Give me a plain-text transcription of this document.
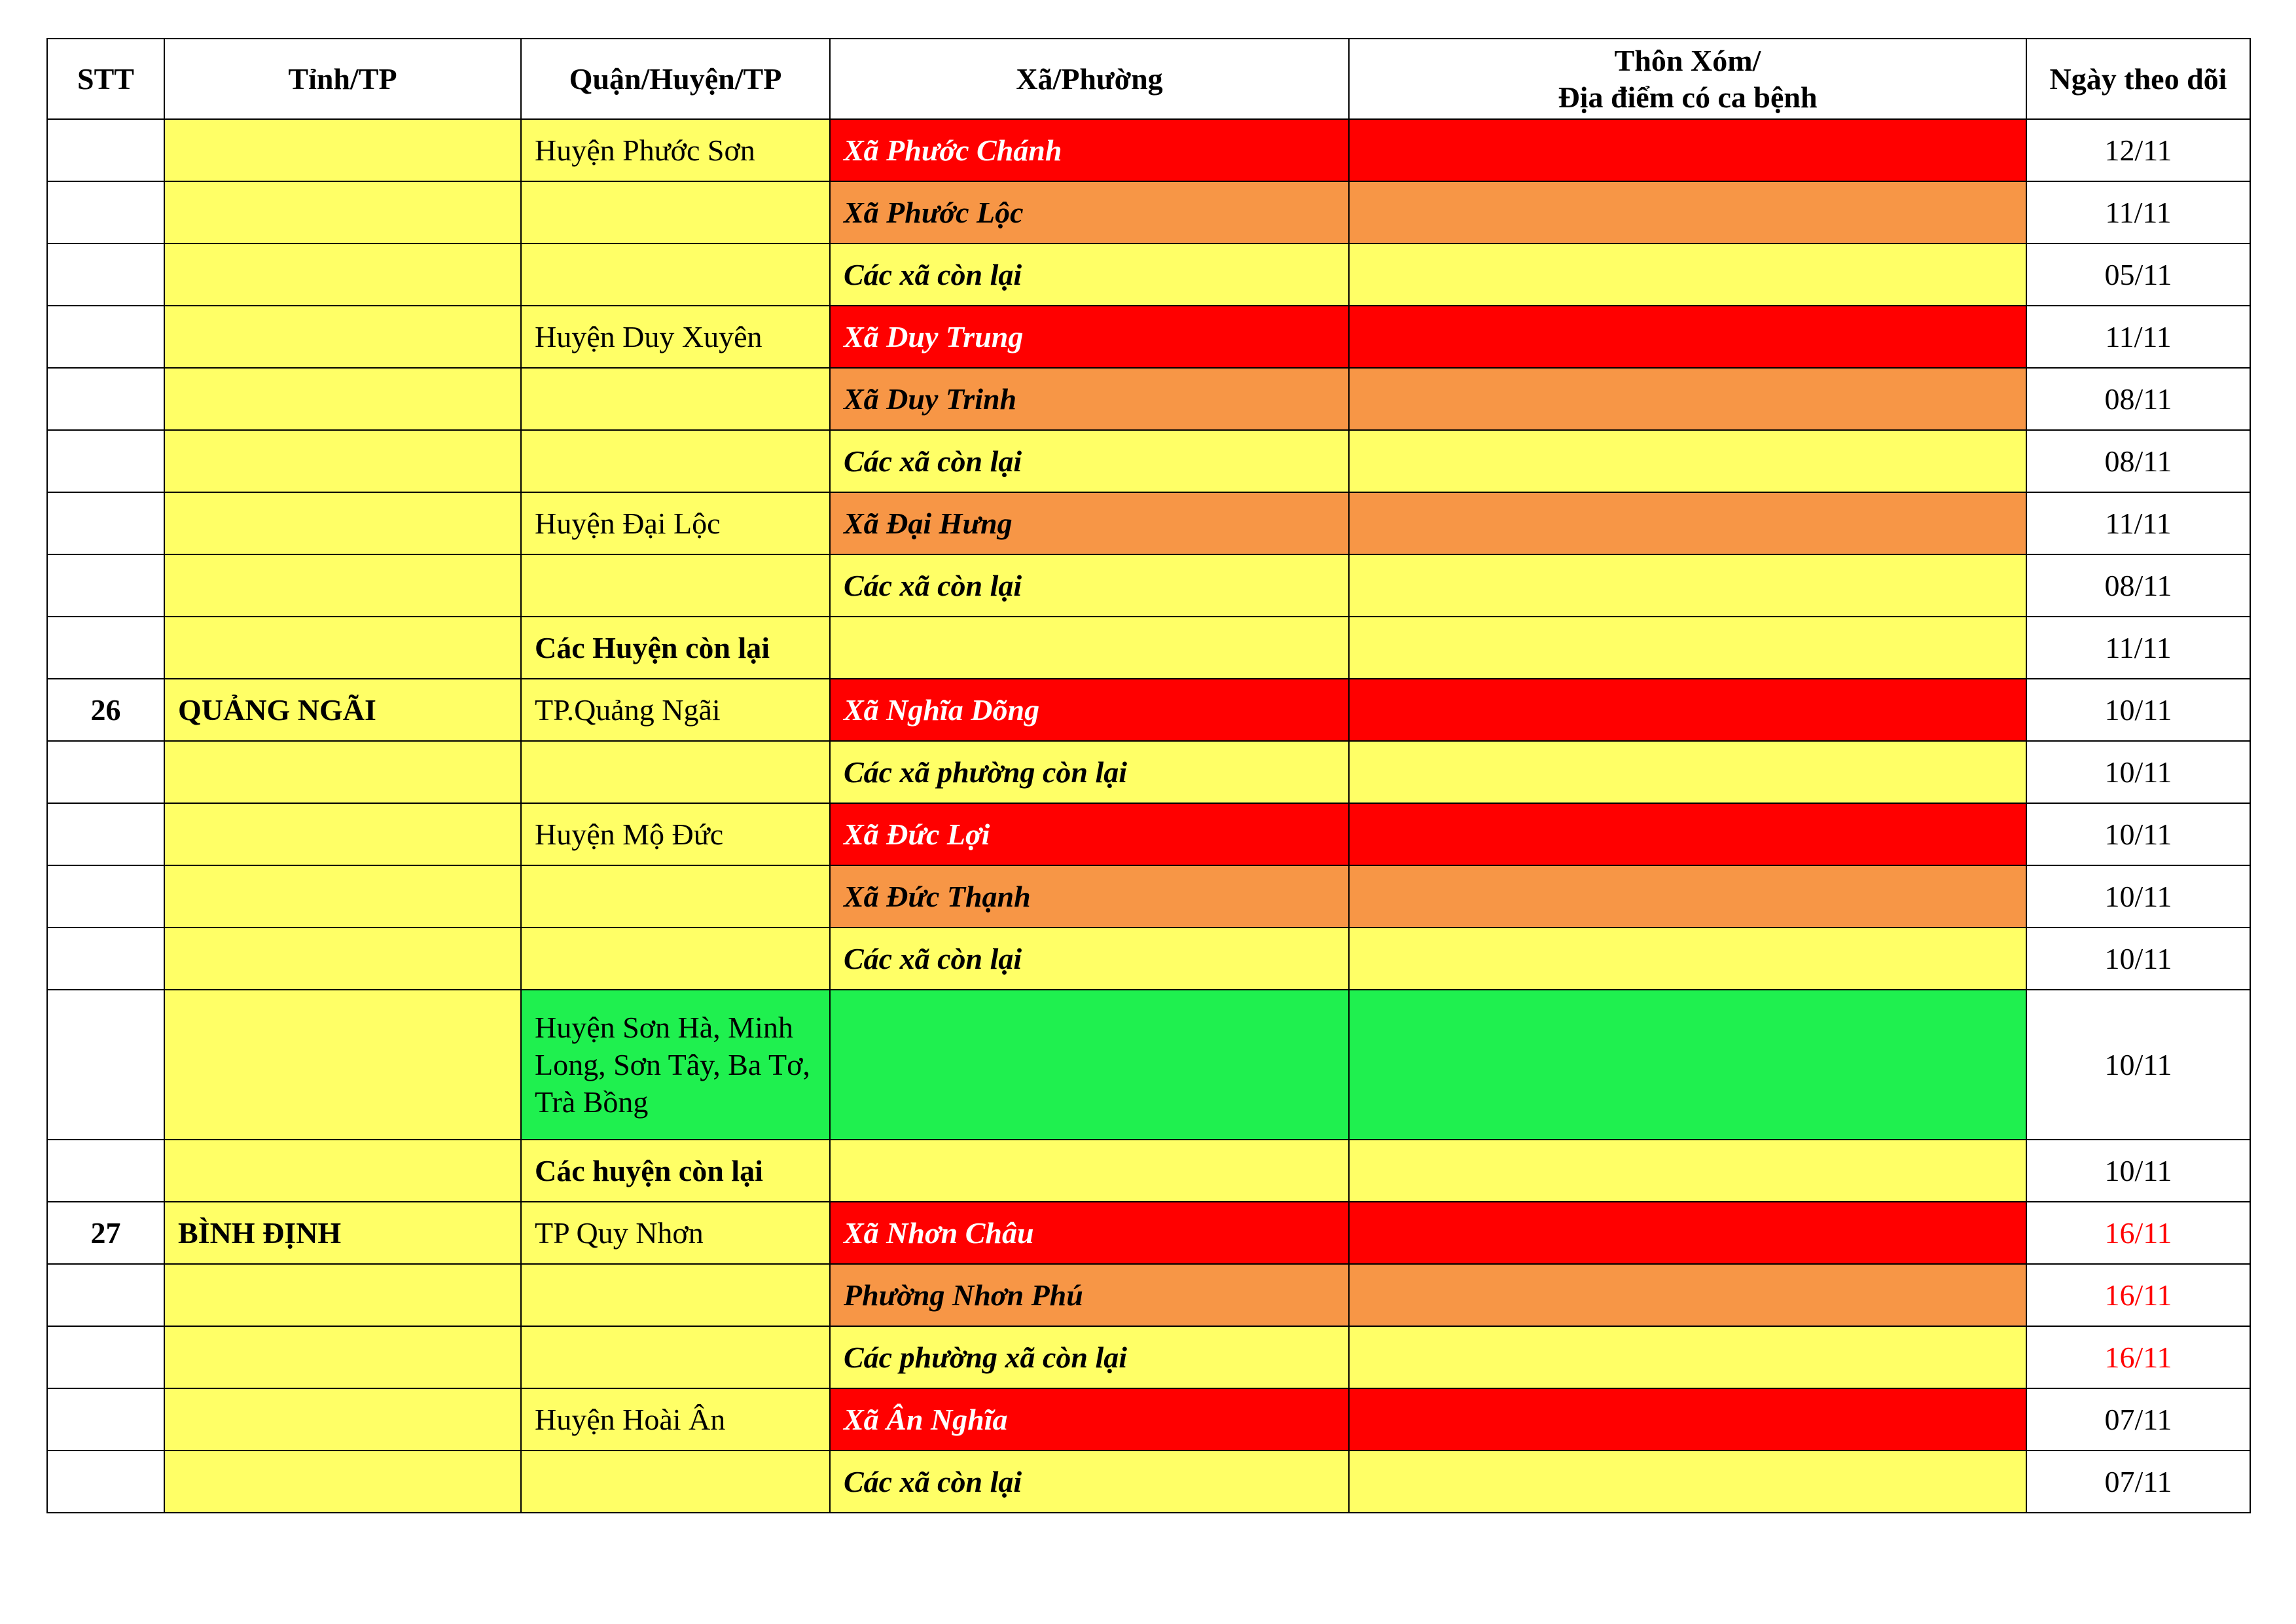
STT	Tỉnh/TP	Quận/Huyện/TP	Xã/Phường	Thôn Xóm/
Địa điểm có ca bệnh	Ngày theo dõi
		Huyện Phước Sơn	Xã Phước Chánh		12/11
			Xã Phước Lộc		11/11
			Các xã còn lại		05/11
		Huyện Duy Xuyên	Xã Duy Trung		11/11
			Xã Duy Trinh		08/11
			Các xã còn lại		08/11
		Huyện Đại Lộc	Xã Đại Hưng		11/11
			Các xã còn lại		08/11
		Các Huyện còn lại			11/11
26	QUẢNG NGÃI	TP.Quảng Ngãi	Xã Nghĩa Dõng		10/11
			Các xã phường còn lại		10/11
		Huyện Mộ Đức	Xã Đức Lợi		10/11
			Xã Đức Thạnh		10/11
			Các xã còn lại		10/11
		Huyện Sơn Hà, Minh Long, Sơn Tây, Ba Tơ, Trà Bồng			10/11
		Các huyện còn lại			10/11
27	BÌNH ĐỊNH	TP Quy Nhơn	Xã Nhơn Châu		16/11
			Phường Nhơn Phú		16/11
			Các phường xã còn lại		16/11
		Huyện Hoài Ân	Xã Ân Nghĩa		07/11
			Các xã còn lại		07/11
